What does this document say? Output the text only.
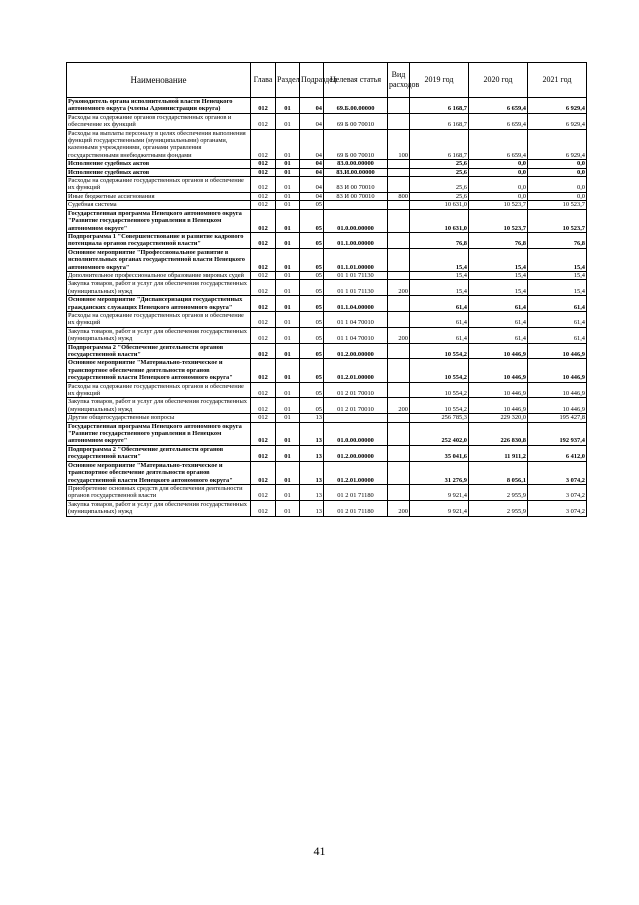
Наименование	Глава	Раздел	Подраздел	Целевая статья	Вид расходов	2019 год	2020 год	2021 год
Руководитель органа исполнительной власти Ненецкого автономного округа (члены Администрации округа)	012	01	04	69.Б.00.00000		6 168,7	6 659,4	6 929,4
Расходы на содержание органов государственных органов и обеспечение их функций	012	01	04	69 Б 00 70010		6 168,7	6 659,4	6 929,4
Расходы на выплаты персоналу в целях обеспечения выполнения функций государственными (муниципальными) органами, казенными учреждениями, органами управления государственными внебюджетными фондами	012	01	04	69 Б 00 70010	100	6 168,7	6 659,4	6 929,4
Исполнение судебных актов	012	01	04	83.0.00.00000		25,6	0,0	0,0
Исполнение судебных актов	012	01	04	83.И.00.00000		25,6	0,0	0,0
Расходы на содержание государственных органов и обеспечение их функций	012	01	04	83 И 00 70010		25,6	0,0	0,0
Иные бюджетные ассигнования	012	01	04	83 И 00 70010	800	25,6	0,0	0,0
Судебная система	012	01	05			10 631,0	10 523,7	10 523,7
Государственная программа Ненецкого автономного округа "Развитие государственного управления в Ненецком автономном округе"	012	01	05	01.0.00.00000		10 631,0	10 523,7	10 523,7
Подпрограмма 1 "Совершенствование и развитие кадрового потенциала органов государственной власти"	012	01	05	01.1.00.00000		76,8	76,8	76,8
Основное мероприятие "Профессиональное развитие в исполнительных органах государственной власти Ненецкого автономного округа"	012	01	05	01.1.01.00000		15,4	15,4	15,4
Дополнительное профессиональное образование мировых судей	012	01	05	01 1 01 71130		15,4	15,4	15,4
Закупка товаров, работ и услуг для обеспечения государственных (муниципальных) нужд	012	01	05	01 1 01 71130	200	15,4	15,4	15,4
Основное мероприятие "Диспансеризация государственных гражданских служащих Ненецкого автономного округа"	012	01	05	01.1.04.00000		61,4	61,4	61,4
Расходы на содержание государственных органов и обеспечение их функций	012	01	05	01 1 04 70010		61,4	61,4	61,4
Закупка товаров, работ и услуг для обеспечения государственных (муниципальных) нужд	012	01	05	01 1 04 70010	200	61,4	61,4	61,4
Подпрограмма 2 "Обеспечение деятельности органов государственной власти"	012	01	05	01.2.00.00000		10 554,2	10 446,9	10 446,9
Основное мероприятие "Материально-техническое и транспортное обеспечение деятельности органов государственной власти Ненецкого автономного округа"	012	01	05	01.2.01.00000		10 554,2	10 446,9	10 446,9
Расходы на содержание государственных органов и обеспечение их функций	012	01	05	01 2 01 70010		10 554,2	10 446,9	10 446,9
Закупка товаров, работ и услуг для обеспечения государственных (муниципальных) нужд	012	01	05	01 2 01 70010	200	10 554,2	10 446,9	10 446,9
Другие общегосударственные вопросы	012	01	13			256 785,3	229 320,0	195 427,8
Государственная программа Ненецкого автономного округа "Развитие государственного управления в Ненецком автономном округе"	012	01	13	01.0.00.00000		252 402,0	226 830,8	192 937,4
Подпрограмма 2 "Обеспечение деятельности органов государственной власти"	012	01	13	01.2.00.00000		35 041,6	11 911,2	6 412,0
Основное мероприятие "Материально-техническое и транспортное обеспечение деятельности органов государственной власти Ненецкого автономного округа"	012	01	13	01.2.01.00000		31 276,9	8 056,1	3 074,2
Приобретение основных средств для обеспечения деятельности органов государственной власти	012	01	13	01 2 01 71180		9 921,4	2 955,9	3 074,2
Закупка товаров, работ и услуг для обеспечения государственных (муниципальных) нужд	012	01	13	01 2 01 71180	200	9 921,4	2 955,9	3 074,2
41
